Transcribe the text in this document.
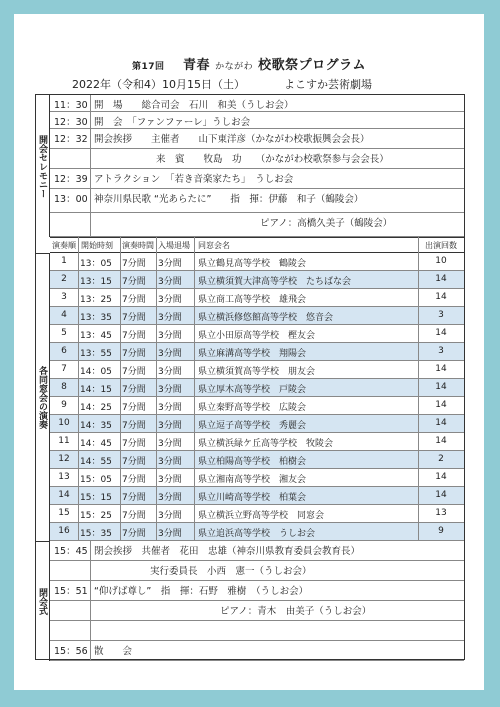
第17回 　 青春 かながわ 校歌祭プログラム
2022年（令和4）10月15日（土）	よこすか芸術劇場
開会セレモニー
11：30 開　場　　総合司会　石川　和美（うしお会）
12：30 開　会　「ファンファーレ」うしお会
12：32 開会挨拶　　主催者　　山下東洋彦（かながわ校歌振興会会長）
来　賓　　牧島　功　　（かながわ校歌祭参与会会長）
12：39 アトラクション　「若き音楽家たち」　うしお会
13：00 神奈川県民歌 “光あらたに”　　指　揮：伊藤　和子（鶴陵会）
ピアノ：高橋久美子（鶴陵会）
演奏順 開始時刻 演奏時間 入場退場 同窓会名	出演回数
各同窓会の演奏
1	13：05	7分間	3分間	県立鶴見高等学校　鶴陵会	10
2	13：15	7分間	3分間	県立横須賀大津高等学校　たちばな会	14
3	13：25	7分間	3分間	県立商工高等学校　雄飛会	14
4	13：35	7分間	3分間	県立横浜修悠館高等学校　悠音会	3
5	13：45	7分間	3分間	県立小田原高等学校　樫友会	14
6	13：55	7分間	3分間	県立麻溝高等学校　翔陽会	3
7	14：05	7分間	3分間	県立横須賀高等学校　朋友会	14
8	14：15	7分間	3分間	県立厚木高等学校　戸陵会	14
9	14：25	7分間	3分間	県立秦野高等学校　広陵会	14
10	14：35	7分間	3分間	県立逗子高等学校　秀麗会	14
11	14：45	7分間	3分間	県立横浜緑ケ丘高等学校　牧陵会	14
12	14：55	7分間	3分間	県立柏陽高等学校　柏樹会	2
13	15：05	7分間	3分間	県立湘南高等学校　湘友会	14
14	15：15	7分間	3分間	県立川崎高等学校　柏葉会	14
15	15：25	7分間	3分間	県立横浜立野高等学校　同窓会	13
16	15：35	7分間	3分間	県立追浜高等学校　うしお会	9
閉会式
15：45 閉会挨拶　共催者　花田　忠雄（神奈川県教育委員会教育長）
実行委員長　小西　憲一（うしお会）
15：51 “仰げば尊し”　指　揮：石野　雅樹　（うしお会）
ピアノ：青木　由美子（うしお会）
15：56 散　　会
